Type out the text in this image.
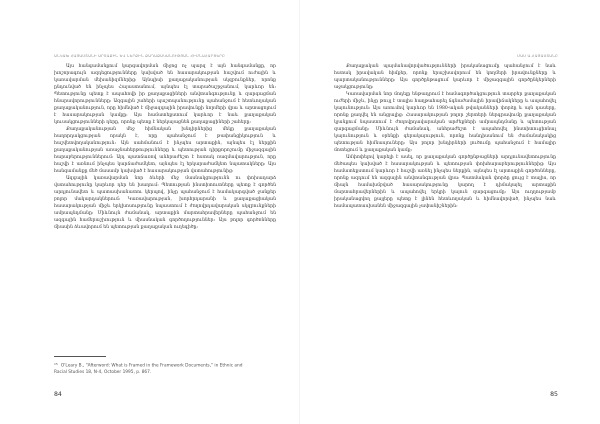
ԱՆԿԱԽ ՀԱՅԱՍՏԱՆԻ ԱՐՏԱՔԻՆ ԵՎ ՆԵՐՔԻՆ ՔԱՂԱՔԱԿԱՆՈՒԹՅԱՆ ՀԻՄՆԱՀԱՐՑԵՐԸ

Այս հանգամանքում կարգավորման միջոց ոչ պարզ է այն հանգամանքը, որ խոշորագույն ազդեցությունները կախված են հասարակության հաշվում ուժային և կառավարման մեխանիզմներից։ Այնպիսի քաղաքականության սկզբունքներ, որոնք ընդունված են ինչպես Հայաստանում, այնպես էլ տարածաշրջանում, կարևոր են։ Պետությունը պետք է ապահովի իր քաղաքացիների անվտանգությունը և զարգացման հնարավորությունները։ Ազգային շահերի պաշտպանությունը պահանջում է հետևողական քաղաքականություն, որը հիմնված է միջազգային իրավունքի նորմերի վրա և արտացոլում է հասարակության կամքը։ Այս համատեքստում կարևոր է նաև քաղաքական կուսակցությունների դերը, որոնք պետք է ներկայացնեն քաղաքացիների շահերը։

Քաղաքականության մեջ հիմնական խնդիրներից մեկը քաղաքական հաղորդակցության որակն է, որը պահանջում է թափանցիկություն և հաշվետվողականություն։ Այն սահմանում է ինչպես արտաքին, այնպես էլ ներքին քաղաքականության առաջնահերթությունները և պետության դիրքորոշումը միջազգային հարաբերություններում։ Այդ պատճառով անհրաժեշտ է հստակ ռազմավարություն, որը հաշվի է առնում ինչպես կարճաժամկետ, այնպես էլ երկարաժամկետ նպատակները։ Այս հանգամանքը մեծ մասամբ կախված է հասարակության վստահությունից։

Ազգային կառավարման նոր ձևերի մեջ մասնակցությունն ու փոխադարձ վստահությունը կարևոր դեր են խաղում։ Պետության ինստիտուտները պետք է գործեն արդյունավետ և պատասխանատու կերպով, ինչը պահանջում է համակարգված ջանքեր բոլոր մակարդակներում։ Կառավարության, խորհրդարանի և քաղաքացիական հասարակության միջև երկխոսությունը նպաստում է ժողովրդավարական սկզբունքների ամրապնդմանը։ Միևնույն ժամանակ, արտաքին մարտահրավերները պահանջում են ազգային համերաշխություն և միասնական գործողություններ։ Այս բոլոր գործոնները միասին ձևավորում են պետության քաղաքական ուղեգիծը։

$^{15}$ O'Leary B., "Afterword: What is Framed in the Framework Documents," in Ethnic and Racial Studies 18, N-4, October 1995, p. 867.
84
ՄԱՍ Ա.ՀԱՅԱՍՏԱՆԸ

Քաղաքական պայմանավորվածությունների իրականացումը պահանջում է նաև հստակ իրավական հիմքեր, որոնք երաշխավորում են կողմերի իրավունքները և պարտականությունները։ Այս գործընթացում կարևոր է միջազգային գործընկերների աջակցությունը։

Կառավարման նոր մոդելը ենթադրում է համագործակցություն տարբեր քաղաքական ուժերի միջև, ինչը թույլ է տալիս հաղթահարել ճգնաժամային իրավիճակները և ապահովել կայունություն։ Այս առումով կարևոր են 1980-ական թվականների փորձը և այն դասերը, որոնք քաղվել են անցյալից։ Հասարակության բոլոր շերտերի ներգրավումը քաղաքական կյանքում նպաստում է ժողովրդավարական արժեքների ամրապնդմանը և պետության զարգացմանը։ Միևնույն ժամանակ, անհրաժեշտ է ապահովել ինստիտուցիոնալ կայունություն և օրենքի գերակայություն, որոնք հանդիսանում են ժամանակակից պետության հիմնասյուները։ Այս բոլոր խնդիրների լուծումը պահանջում է համալիր մոտեցում և քաղաքական կամք։

Ամփոփելով կարելի է ասել, որ քաղաքական գործընթացների արդյունավետությունը մեծապես կախված է հասարակության և պետության փոխհարաբերություններից։ Այս համատեքստում կարևոր է հաշվի առնել ինչպես ներքին, այնպես էլ արտաքին գործոնները, որոնք ազդում են ազգային անվտանգության վրա։ Պատմական փորձը ցույց է տալիս, որ միայն համախմբված հասարակությունը կարող է դիմակայել արտաքին մարտահրավերներին և ապահովել երկրի կայուն զարգացումը։ Այս ուղղությամբ իրականացվող քայլերը պետք է լինեն հետևողական և հիմնավորված, ինչպես նաև համապատասխանեն միջազգային չափանիշներին։

85
